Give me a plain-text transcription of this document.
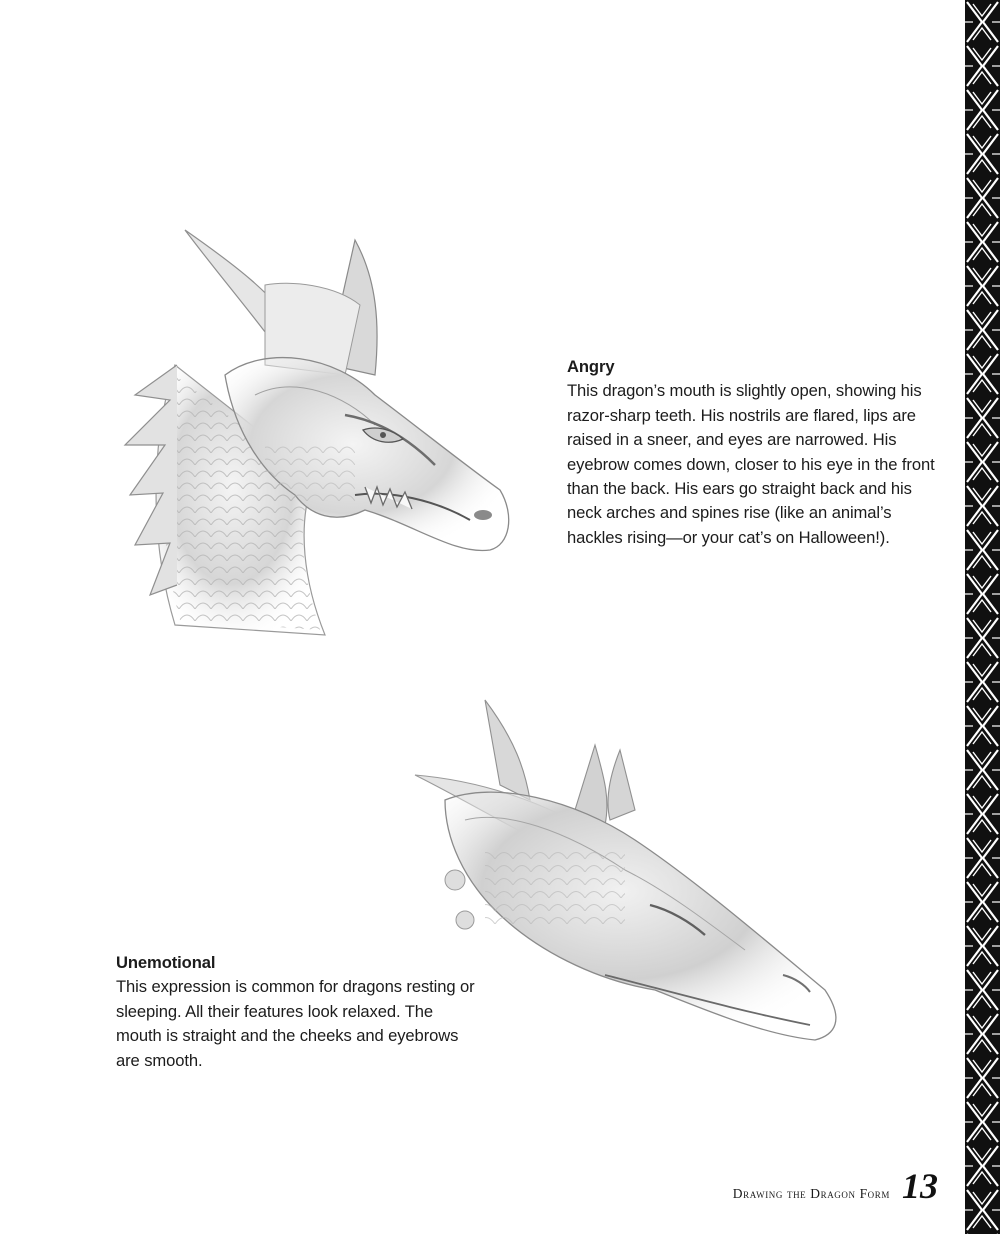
Angry
This dragon’s mouth is slightly open, showing his
razor-sharp teeth. His nostrils are flared, lips are
raised in a sneer, and eyes are narrowed. His
eyebrow comes down, closer to his eye in the front
than the back. His ears go straight back and his
neck arches and spines rise (like an animal’s
hackles rising—or your cat’s on Halloween!).
Unemotional
This expression is common for dragons resting or
sleeping. All their features look relaxed. The
mouth is straight and the cheeks and eyebrows
are smooth.
Drawing the Dragon Form 13
